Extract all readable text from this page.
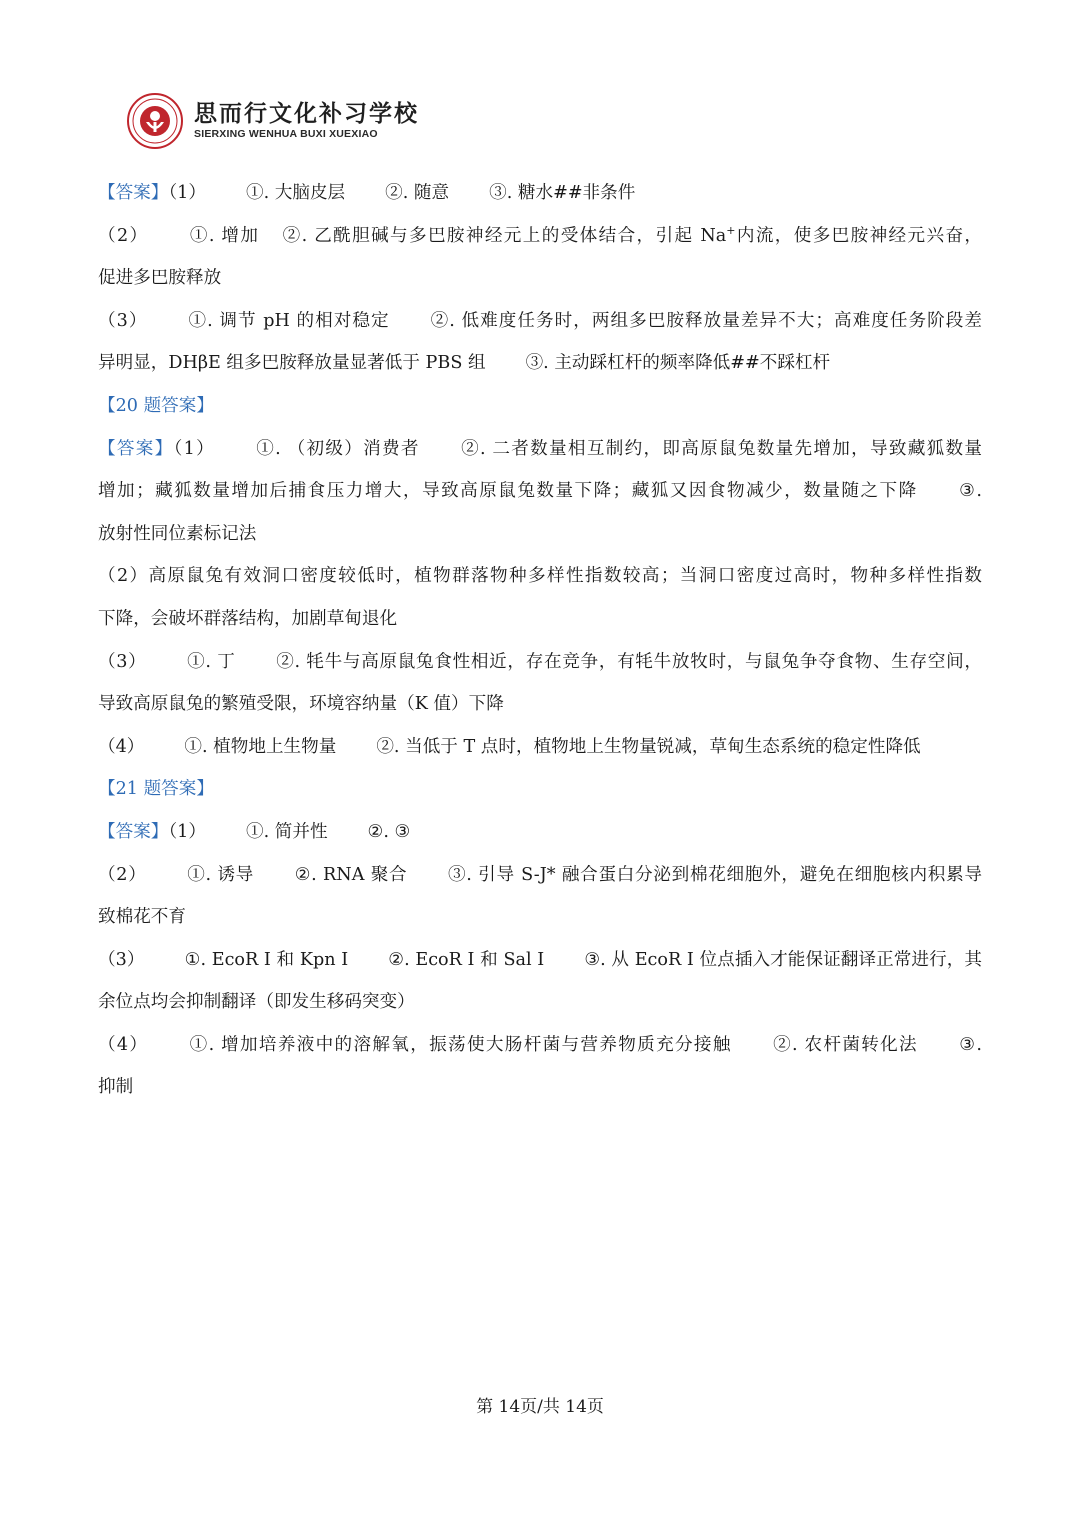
思而行文化补习学校
SIERXING WENHUA BUXI XUEXIAO
【答案】（1） ①. 大脑皮层 ②. 随意 ③. 糖水##非条件
（2） ①. 增加 ②. 乙酰胆碱与多巴胺神经元上的受体结合，引起 Na+内流，使多巴胺神经元兴奋，
促进多巴胺释放
（3） ①. 调节 pH 的相对稳定 ②. 低难度任务时，两组多巴胺释放量差异不大；高难度任务阶段差
异明显，DHβE 组多巴胺释放量显著低于 PBS 组 ③. 主动踩杠杆的频率降低##不踩杠杆
【20 题答案】
【答案】（1） ①. （初级）消费者 ②. 二者数量相互制约，即高原鼠兔数量先增加，导致藏狐数量
增加；藏狐数量增加后捕食压力增大，导致高原鼠兔数量下降；藏狐又因食物减少，数量随之下降 ③.
放射性同位素标记法
（2）高原鼠兔有效洞口密度较低时，植物群落物种多样性指数较高；当洞口密度过高时，物种多样性指数
下降，会破坏群落结构，加剧草甸退化
（3） ①. 丁 ②. 牦牛与高原鼠兔食性相近，存在竞争，有牦牛放牧时，与鼠兔争夺食物、生存空间，
导致高原鼠兔的繁殖受限，环境容纳量（K 值）下降
（4） ①. 植物地上生物量 ②. 当低于 T 点时，植物地上生物量锐减，草甸生态系统的稳定性降低
【21 题答案】
【答案】（1） ①. 简并性 ②. ③
（2） ①. 诱导 ②. RNA 聚合 ③. 引导 S-J* 融合蛋白分泌到棉花细胞外，避免在细胞核内积累导
致棉花不育
（3） ①. EcoR I 和 Kpn I ②. EcoR I 和 Sal I ③. 从 EcoR I 位点插入才能保证翻译正常进行，其
余位点均会抑制翻译（即发生移码突变）
（4） ①. 增加培养液中的溶解氧，振荡使大肠杆菌与营养物质充分接触 ②. 农杆菌转化法 ③.
抑制
第 14页/共 14页
